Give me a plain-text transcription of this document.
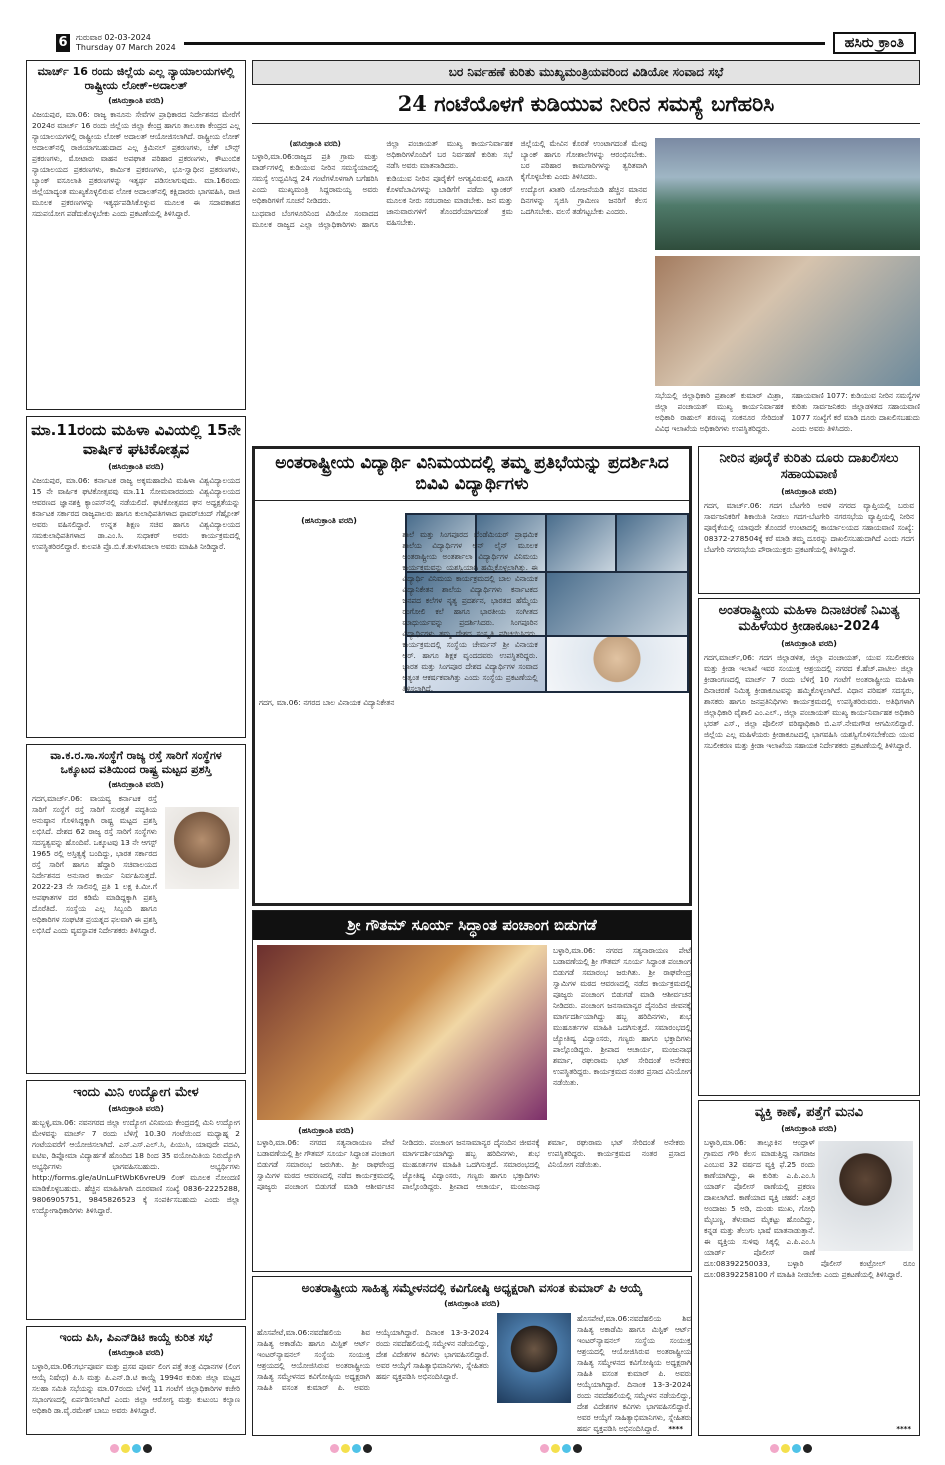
6	ಗುರುವಾರ 02-03-2024
Thursday 07 March 2024	ಹಸಿರು ಕ್ರಾಂತಿ
ಮಾರ್ಚ್ 16 ರಂದು ಜಿಲ್ಲೆಯ ಎಲ್ಲ ನ್ಯಾಯಾಲಯಗಳಲ್ಲಿ ರಾಷ್ಟ್ರೀಯ ಲೋಕ್-ಅದಾಲತ್
(ಹಸಿರುಕ್ರಾಂತಿ ವರದಿ)
ವಿಜಯಪುರ, ಮಾ.06: ರಾಜ್ಯ ಕಾನೂನು ಸೇವೆಗಳ ಪ್ರಾಧಿಕಾರದ ನಿರ್ದೇಶನದ ಮೇರೆಗೆ 2024ರ ಮಾರ್ಚ್ 16 ರಂದು ಜಿಲ್ಲೆಯ ಜಿಲ್ಲಾ ಕೇಂದ್ರ ಹಾಗೂ ತಾಲೂಕಾ ಕೇಂದ್ರದ ಎಲ್ಲ ನ್ಯಾಯಾಲಯಗಳಲ್ಲಿ ರಾಷ್ಟ್ರೀಯ ಲೋಕ್ ಅದಾಲತ್ ಆಯೋಜಿಸಲಾಗಿದೆ. ರಾಷ್ಟ್ರೀಯ ಲೋಕ್ ಅದಾಲತ್‌ನಲ್ಲಿ ರಾಜಿಯಾಗಬಹುದಾದ ಎಲ್ಲ ಕ್ರಿಮಿನಲ್ ಪ್ರಕರಣಗಳು, ಚೆಕ್ ಬೌನ್ಸ್ ಪ್ರಕರಣಗಳು, ಮೋಟಾರು ವಾಹನ ಅಪಘಾತ ಪರಿಹಾರ ಪ್ರಕರಣಗಳು, ಕೌಟುಂಬಿಕ ನ್ಯಾಯಾಲಯದ ಪ್ರಕರಣಗಳು, ಕಾರ್ಮಿಕ ಪ್ರಕರಣಗಳು, ಭೂ-ಸ್ವಾಧೀನ ಪ್ರಕರಣಗಳು, ಬ್ಯಾಂಕ್ ವಸೂಲಾತಿ ಪ್ರಕರಣಗಳನ್ನು ಇತ್ಯರ್ಥ ಪಡಿಸಲಾಗುವುದು. ಮಾ.16ರಂದು ಜಿಲ್ಲೆಯಾದ್ಯಂತ ಮುಖ್ಯಕೊಳ್ಳಲಿರುವ ಲೋಕ ಅದಾಲತ್‌ನಲ್ಲಿ ಕಕ್ಷಿದಾರರು ಭಾಗವಹಿಸಿ, ರಾಜಿ ಮೂಲಕ ಪ್ರಕರಣಗಳನ್ನು ಇತ್ಯರ್ಥಪಡಿಸಿಕೊಳ್ಳುವ ಮೂಲಕ ಈ ಸದಾವಕಾಶದ ಸದುಪಯೋಗ ಪಡೆದುಕೊಳ್ಳಬೇಕು ಎಂದು ಪ್ರಕಟಣೆಯಲ್ಲಿ ತಿಳಿಸಿದ್ದಾರೆ.
ಮಾ.11ರಂದು ಮಹಿಳಾ ವಿವಿಯಲ್ಲಿ 15ನೇ ವಾರ್ಷಿಕ ಘಟಿಕೋತ್ಸವ
(ಹಸಿರುಕ್ರಾಂತಿ ವರದಿ)
ವಿಜಯಪುರ, ಮಾ.06: ಕರ್ನಾಟಕ ರಾಜ್ಯ ಅಕ್ಕಮಹಾದೇವಿ ಮಹಿಳಾ ವಿಶ್ವವಿದ್ಯಾಲಯದ 15 ನೇ ವಾರ್ಷಿಕ ಘಟಿಕೋತ್ಸವವು ಮಾ.11 ಸೋಮವಾರದಂದು ವಿಶ್ವವಿದ್ಯಾಲಯದ ಆವರಣದ ಜ್ಞಾನಶಕ್ತಿ ಕ್ಯಾಂಪಸ್‌ನಲ್ಲಿ ನಡೆಯಲಿದೆ. ಘಟಿಕೋತ್ಸವದ ಘನ ಅಧ್ಯಕ್ಷತೆಯನ್ನು ಕರ್ನಾಟಕ ಸರ್ಕಾರದ ರಾಜ್ಯಪಾಲರು ಹಾಗೂ ಕುಲಾಧಿಪತಿಗಳಾದ ಥಾವರ್‌ಚಂದ್ ಗೆಹ್ಲೋತ್ ಅವರು ವಹಿಸಲಿದ್ದಾರೆ. ಉನ್ನತ ಶಿಕ್ಷಣ ಸಚಿವ ಹಾಗೂ ವಿಶ್ವವಿದ್ಯಾಲಯದ ಸಮಕುಲಾಧಿಪತಿಗಳಾದ ಡಾ.ಎಂ.ಸಿ. ಸುಧಾಕರ್ ಅವರು ಕಾರ್ಯಕ್ರಮದಲ್ಲಿ ಉಪಸ್ಥಿತರಿರಲಿದ್ದಾರೆ. ಕುಲಪತಿ ಪ್ರೊ.ಬಿ.ಕೆ.ತುಳಸಿಮಾಲಾ ಅವರು ಮಾಹಿತಿ ನೀಡಿದ್ದಾರೆ.
ವಾ.ಕ.ರ.ಸಾ.ಸಂಸ್ಥೆಗೆ ರಾಜ್ಯ ರಸ್ತೆ ಸಾರಿಗೆ ಸಂಸ್ಥೆಗಳ ಒಕ್ಕೂಟದ ವತಿಯಿಂದ ರಾಷ್ಟ್ರ ಮಟ್ಟದ ಪ್ರಶಸ್ತಿ
(ಹಸಿರುಕ್ರಾಂತಿ ವರದಿ)
ಗದಗ,ಮಾರ್ಚ್.06: ವಾಯವ್ಯ ಕರ್ನಾಟಕ ರಸ್ತೆ ಸಾರಿಗೆ ಸಂಸ್ಥೆಗೆ ರಸ್ತೆ ಸಾರಿಗೆ ಸುರಕ್ಷತೆ ಪದ್ಧತಿಯ ಅನುಷ್ಠಾನ ಗೊಳಿಸಿದ್ದಕ್ಕಾಗಿ ರಾಷ್ಟ್ರ ಮಟ್ಟದ ಪ್ರಶಸ್ತಿ ಲಭಿಸಿದೆ. ದೇಶದ 62 ರಾಜ್ಯ ರಸ್ತೆ ಸಾರಿಗೆ ಸಂಸ್ಥೆಗಳು ಸದಸ್ಯತ್ವವನ್ನು ಹೊಂದಿವೆ. ಒಕ್ಕೂಟವು 13 ನೇ ಆಗಸ್ಟ್ 1965 ರಲ್ಲಿ ಅಸ್ತಿತ್ವಕ್ಕೆ ಬಂದಿದ್ದು, ಭಾರತ ಸರ್ಕಾರದ ರಸ್ತೆ ಸಾರಿಗೆ ಹಾಗೂ ಹೆದ್ದಾರಿ ಸಚಿವಾಲಯದ ನಿರ್ದೇಶನದ ಅನುಸಾರ ಕಾರ್ಯ ನಿರ್ವಹಿಸುತ್ತದೆ. 2022-23 ನೇ ಸಾಲಿನಲ್ಲಿ ಪ್ರತಿ 1 ಲಕ್ಷ ಕಿ.ಮೀ.ಗೆ ಅಪಘಾತಗಳ ದರ ಕಡಿಮೆ ಮಾಡಿದ್ದಕ್ಕಾಗಿ ಪ್ರಶಸ್ತಿ ದೊರೆತಿದೆ. ಸಂಸ್ಥೆಯ ಎಲ್ಲ ಸಿಬ್ಬಂದಿ ಹಾಗೂ ಅಧಿಕಾರಿಗಳ ಸಂಘಟಿತ ಪ್ರಯತ್ನದ ಫಲವಾಗಿ ಈ ಪ್ರಶಸ್ತಿ ಲಭಿಸಿದೆ ಎಂದು ವ್ಯವಸ್ಥಾಪಕ ನಿರ್ದೇಶಕರು ತಿಳಿಸಿದ್ದಾರೆ.
ಇಂದು ಮಿನಿ ಉದ್ಯೋಗ ಮೇಳ
(ಹಸಿರುಕ್ರಾಂತಿ ವರದಿ)
ಹುಬ್ಬಳ್ಳಿ,ಮಾ.06: ನವನಗರದ ಜಿಲ್ಲಾ ಉದ್ಯೋಗ ವಿನಿಮಯ ಕೇಂದ್ರದಲ್ಲಿ ಮಿನಿ ಉದ್ಯೋಗ ಮೇಳವನ್ನು ಮಾರ್ಚ್ 7 ರಂದು ಬೆಳಿಗ್ಗೆ 10.30 ಗಂಟೆಯಿಂದ ಮಧ್ಯಾಹ್ನ 2 ಗಂಟೆಯವರೆಗೆ ಆಯೋಜಿಸಲಾಗಿದೆ. ಎಸ್.ಎಸ್.ಎಲ್.ಸಿ, ಪಿಯುಸಿ, ಯಾವುದೇ ಪದವಿ, ಐಟಿಐ, ಡಿಪ್ಲೋಮಾ ವಿದ್ಯಾರ್ಹತೆ ಹೊಂದಿದ 18 ರಿಂದ 35 ವಯೋಮಿತಿಯ ನಿರುದ್ಯೋಗಿ ಅಭ್ಯರ್ಥಿಗಳು ಭಾಗವಹಿಸಬಹುದು. ಅಭ್ಯರ್ಥಿಗಳು http://forms.gle/aUnLuFtWbK6vreU9 ಲಿಂಕ್ ಮೂಲಕ ನೋಂದಣಿ ಮಾಡಿಕೊಳ್ಳಬಹುದು. ಹೆಚ್ಚಿನ ಮಾಹಿತಿಗಾಗಿ ದೂರವಾಣಿ ಸಂಖ್ಯೆ 0836-2225288, 9806905751, 9845826523 ಕ್ಕೆ ಸಂಪರ್ಕಿಸಬಹುದು ಎಂದು ಜಿಲ್ಲಾ ಉದ್ಯೋಗಾಧಿಕಾರಿಗಳು ತಿಳಿಸಿದ್ದಾರೆ.
ಇಂದು ಪಿಸಿ, ಪಿಎನ್‌ಡಿಟಿ ಕಾಯ್ದೆ ಕುರಿತ ಸಭೆ
(ಹಸಿರುಕ್ರಾಂತಿ ವರದಿ)
ಬಳ್ಳಾರಿ,ಮಾ.06:ಗರ್ಭಪೂರ್ವ ಮತ್ತು ಪ್ರಸವ ಪೂರ್ವ ಲಿಂಗ ಪತ್ತೆ ತಂತ್ರ ವಿಧಾನಗಳ (ಲಿಂಗ ಆಯ್ಕೆ ನಿಷೇಧ) ಪಿ.ಸಿ ಮತ್ತು ಪಿ.ಎನ್.ಡಿ.ಟಿ ಕಾಯ್ದೆ 1994ರ ಕುರಿತು ಜಿಲ್ಲಾ ಮಟ್ಟದ ಸಲಹಾ ಸಮಿತಿ ಸಭೆಯನ್ನು ಮಾ.07ರಂದು ಬೆಳಿಗ್ಗೆ 11 ಗಂಟೆಗೆ ಜಿಲ್ಲಾಧಿಕಾರಿಗಳ ಕಚೇರಿ ಸಭಾಂಗಣದಲ್ಲಿ ಏರ್ಪಡಿಸಲಾಗಿದೆ ಎಂದು ಜಿಲ್ಲಾ ಆರೋಗ್ಯ ಮತ್ತು ಕುಟುಂಬ ಕಲ್ಯಾಣ ಅಧಿಕಾರಿ ಡಾ.ವೈ.ರಮೇಶ್ ಬಾಬು ಅವರು ತಿಳಿಸಿದ್ದಾರೆ.
ಬರ ನಿರ್ವಹಣೆ ಕುರಿತು ಮುಖ್ಯಮಂತ್ರಿಯವರಿಂದ ವಿಡಿಯೋ ಸಂವಾದ ಸಭೆ
24 ಗಂಟೆಯೊಳಗೆ ಕುಡಿಯುವ ನೀರಿನ ಸಮಸ್ಯೆ ಬಗೆಹರಿಸಿ

(ಹಸಿರುಕ್ರಾಂತಿ ವರದಿ)

ಬಳ್ಳಾರಿ,ಮಾ.06:ರಾಜ್ಯದ ಪ್ರತಿ ಗ್ರಾಮ ಮತ್ತು ವಾರ್ಡ್‌ಗಳಲ್ಲಿ ಕುಡಿಯುವ ನೀರಿನ ಸಮಸ್ಯೆಯಾದಲ್ಲಿ ಸಮಸ್ಯೆ ಉದ್ಭವಿಸಿದ್ದ 24 ಗಂಟೆಗಳೊಳಗಾಗಿ ಬಗೆಹರಿಸಿ ಎಂದು ಮುಖ್ಯಮಂತ್ರಿ ಸಿದ್ದರಾಮಯ್ಯ ಅವರು ಅಧಿಕಾರಿಗಳಿಗೆ ಸೂಚನೆ ನೀಡಿದರು.

ಬುಧವಾರ ಬೆಂಗಳೂರಿನಿಂದ ವಿಡಿಯೋ ಸಂವಾದದ ಮೂಲಕ ರಾಜ್ಯದ ಎಲ್ಲಾ ಜಿಲ್ಲಾಧಿಕಾರಿಗಳು ಹಾಗೂ ಜಿಲ್ಲಾ ಪಂಚಾಯತ್ ಮುಖ್ಯ ಕಾರ್ಯನಿರ್ವಾಹಕ ಅಧಿಕಾರಿಗಳೊಂದಿಗೆ ಬರ ನಿರ್ವಹಣೆ ಕುರಿತು ಸಭೆ ನಡೆಸಿ ಅವರು ಮಾತನಾಡಿದರು.

ಕುಡಿಯುವ ನೀರಿನ ಪೂರೈಕೆಗೆ ಅಗತ್ಯವಿರುವಲ್ಲಿ ಖಾಸಗಿ ಕೊಳವೆಬಾವಿಗಳನ್ನು ಬಾಡಿಗೆಗೆ ಪಡೆದು ಟ್ಯಾಂಕರ್ ಮೂಲಕ ನೀರು ಸರಬರಾಜು ಮಾಡಬೇಕು. ಜನ ಮತ್ತು ಜಾನುವಾರುಗಳಿಗೆ ತೊಂದರೆಯಾಗದಂತೆ ಕ್ರಮ ವಹಿಸಬೇಕು.

ಜಿಲ್ಲೆಯಲ್ಲಿ ಮೇವಿನ ಕೊರತೆ ಉಂಟಾಗದಂತೆ ಮೇವು ಬ್ಯಾಂಕ್ ಹಾಗೂ ಗೋಶಾಲೆಗಳನ್ನು ಆರಂಭಿಸಬೇಕು. ಬರ ಪರಿಹಾರ ಕಾಮಗಾರಿಗಳನ್ನು ತ್ವರಿತವಾಗಿ ಕೈಗೊಳ್ಳಬೇಕು ಎಂದು ತಿಳಿಸಿದರು.

ಉದ್ಯೋಗ ಖಾತರಿ ಯೋಜನೆಯಡಿ ಹೆಚ್ಚಿನ ಮಾನವ ದಿನಗಳನ್ನು ಸೃಜಿಸಿ ಗ್ರಾಮೀಣ ಜನರಿಗೆ ಕೆಲಸ ಒದಗಿಸಬೇಕು. ವಲಸೆ ತಡೆಗಟ್ಟಬೇಕು ಎಂದರು.

ಸಭೆಯಲ್ಲಿ ಜಿಲ್ಲಾಧಿಕಾರಿ ಪ್ರಶಾಂತ್ ಕುಮಾರ್ ಮಿಶ್ರಾ, ಜಿಲ್ಲಾ ಪಂಚಾಯತ್ ಮುಖ್ಯ ಕಾರ್ಯನಿರ್ವಾಹಕ ಅಧಿಕಾರಿ ರಾಹುಲ್ ಶರಣಪ್ಪ ಸಂಕನೂರ ಸೇರಿದಂತೆ ವಿವಿಧ ಇಲಾಖೆಯ ಅಧಿಕಾರಿಗಳು ಉಪಸ್ಥಿತರಿದ್ದರು.

ಸಹಾಯವಾಣಿ 1077: ಕುಡಿಯುವ ನೀರಿನ ಸಮಸ್ಯೆಗಳ ಕುರಿತು ಸಾರ್ವಜನಿಕರು ಜಿಲ್ಲಾಡಳಿತದ ಸಹಾಯವಾಣಿ 1077 ಸಂಖ್ಯೆಗೆ ಕರೆ ಮಾಡಿ ದೂರು ದಾಖಲಿಸಬಹುದು ಎಂದು ಅವರು ತಿಳಿಸಿದರು.

ಅಂತರಾಷ್ಟ್ರೀಯ ವಿದ್ಯಾರ್ಥಿ ವಿನಿಮಯದಲ್ಲಿ ತಮ್ಮ ಪ್ರತಿಭೆಯನ್ನು ಪ್ರದರ್ಶಿಸಿದ ಬಿವಿವಿ ವಿದ್ಯಾರ್ಥಿಗಳು
(ಹಸಿರುಕ್ರಾಂತಿ ವರದಿ)
ಗದಗ, ಮಾ.06: ನಗರದ ಬಾಲ ವಿನಾಯಕ ವಿದ್ಯಾನಿಕೇತನ ಶಾಲೆ ಮತ್ತು ಸಿಂಗಪೂರದ ಬೆಂಡೆಮಿಯರ್ ಪ್ರಾಥಮಿಕ ಶಾಲೆಯ ವಿದ್ಯಾರ್ಥಿಗಳ ಆನ್ ಲೈನ್ ಮೂಲಕ ಅಂತರಾಷ್ಟ್ರೀಯ ಅಂತರ್ಶಾಲಾ ವಿದ್ಯಾರ್ಥಿಗಳ ವಿನಿಮಯ ಕಾರ್ಯಕ್ರಮವನ್ನು ಯಶಸ್ವಿಯಾಗಿ ಹಮ್ಮಿಕೊಳ್ಳಲಾಗಿತ್ತು. ಈ ವಿದ್ಯಾರ್ಥಿ ವಿನಿಮಯ ಕಾರ್ಯಕ್ರಮದಲ್ಲಿ ಬಾಲ ವಿನಾಯಕ ವಿದ್ಯಾನಿಕೇತನ ಶಾಲೆಯ ವಿದ್ಯಾರ್ಥಿಗಳು ಕರ್ನಾಟಕದ ಜನಪದ ಕಲೆಗಳ ನೃತ್ಯ ಪ್ರದರ್ಶನ, ಭಾರತದ ಹೆಮ್ಮೆಯ ರಂಗೋಲಿ ಕಲೆ ಹಾಗೂ ಭಾರತೀಯ ಸಂಗೀತದ ಮಾಧುರ್ಯವನ್ನು ಪ್ರದರ್ಶಿಸಿದರು. ಸಿಂಗಪೂರಿನ ವಿದ್ಯಾರ್ಥಿಗಳು ತಮ್ಮ ದೇಶದ ಸಂಸ್ಕೃತಿ ಪರಿಚಯಿಸಿದರು. ಕಾರ್ಯಕ್ರಮದಲ್ಲಿ ಸಂಸ್ಥೆಯ ಚೇರ್ಮನ್ ಶ್ರೀ ವಿನಾಯಕ ಆರ್. ಹಾಗೂ ಶಿಕ್ಷಕ ವೃಂದದವರು ಉಪಸ್ಥಿತರಿದ್ದರು. ಭಾರತ ಮತ್ತು ಸಿಂಗಪೂರ ದೇಶದ ವಿದ್ಯಾರ್ಥಿಗಳ ಸಂವಾದ ಅತ್ಯಂತ ಆಕರ್ಷಕವಾಗಿತ್ತು ಎಂದು ಸಂಸ್ಥೆಯ ಪ್ರಕಟಣೆಯಲ್ಲಿ ತಿಳಿಸಲಾಗಿದೆ.
ನೀರಿನ ಪೂರೈಕೆ ಕುರಿತು ದೂರು ದಾಖಲಿಸಲು ಸಹಾಯವಾಣಿ
(ಹಸಿರುಕ್ರಾಂತಿ ವರದಿ)
ಗದಗ, ಮಾರ್ಚ್.06: ಗದಗ ಬೆಟಗೇರಿ ಅವಳಿ ನಗರದ ವ್ಯಾಪ್ತಿಯಲ್ಲಿ ಬರುವ ಸಾರ್ವಜನಿಕರಿಗೆ ಶಿಕಾಯಿತಿ ನೀಡಲು ಗದಗ-ಬೆಟಗೇರಿ ನಗರಸಭೆಯ ವ್ಯಾಪ್ತಿಯಲ್ಲಿ ನೀರಿನ ಪೂರೈಕೆಯಲ್ಲಿ ಯಾವುದೇ ತೊಂದರೆ ಉಂಟಾದಲ್ಲಿ ಕಾರ್ಯಾಲಯದ ಸಹಾಯವಾಣಿ ಸಂಖ್ಯೆ: 08372-278504ಕ್ಕೆ ಕರೆ ಮಾಡಿ ತಮ್ಮ ದೂರನ್ನು ದಾಖಲಿಸಬಹುದಾಗಿದೆ ಎಂದು ಗದಗ ಬೆಟಗೇರಿ ನಗರಸಭೆಯ ಪೌರಾಯುಕ್ತರು ಪ್ರಕಟಣೆಯಲ್ಲಿ ತಿಳಿಸಿದ್ದಾರೆ.
ಅಂತರಾಷ್ಟ್ರೀಯ ಮಹಿಳಾ ದಿನಾಚರಣೆ ನಿಮಿತ್ಯ ಮಹಿಳೆಯರ ಕ್ರೀಡಾಕೂಟ-2024
(ಹಸಿರುಕ್ರಾಂತಿ ವರದಿ)
ಗದಗ,ಮಾರ್ಚ್,06: ಗದಗ ಜಿಲ್ಲಾಡಳಿತ, ಜಿಲ್ಲಾ ಪಂಚಾಯತ್, ಯುವ ಸಬಲೀಕರಣ ಮತ್ತು ಕ್ರೀಡಾ ಇಲಾಖೆ ಇವರ ಸಂಯುಕ್ತ ಆಶ್ರಯದಲ್ಲಿ ನಗರದ ಕೆ.ಹೆಚ್.ಪಾಟೀಲ ಜಿಲ್ಲಾ ಕ್ರೀಡಾಂಗಣದಲ್ಲಿ ಮಾರ್ಚ್ 7 ರಂದು ಬೆಳಿಗ್ಗೆ 10 ಗಂಟೆಗೆ ಅಂತರಾಷ್ಟ್ರೀಯ ಮಹಿಳಾ ದಿನಾಚರಣೆ ನಿಮಿತ್ಯ ಕ್ರೀಡಾಕೂಟವನ್ನು ಹಮ್ಮಿಕೊಳ್ಳಲಾಗಿದೆ. ವಿಧಾನ ಪರಿಷತ್ ಸದಸ್ಯರು, ಶಾಸಕರು ಹಾಗೂ ಜನಪ್ರತಿನಿಧಿಗಳು ಕಾರ್ಯಕ್ರಮದಲ್ಲಿ ಉಪಸ್ಥಿತರಿರುವರು. ಅತಿಥಿಗಳಾಗಿ ಜಿಲ್ಲಾಧಿಕಾರಿ ವೈಶಾಲಿ ಎಂ.ಎಲ್., ಜಿಲ್ಲಾ ಪಂಚಾಯತ್ ಮುಖ್ಯ ಕಾರ್ಯನಿರ್ವಾಹಕ ಅಧಿಕಾರಿ ಭರತ್ ಎಸ್., ಜಿಲ್ಲಾ ಪೊಲೀಸ್ ವರಿಷ್ಠಾಧಿಕಾರಿ ಬಿ.ಎಸ್.ನೇಮಗೌಡ ಆಗಮಿಸಲಿದ್ದಾರೆ. ಜಿಲ್ಲೆಯ ಎಲ್ಲ ಮಹಿಳೆಯರು ಕ್ರೀಡಾಕೂಟದಲ್ಲಿ ಭಾಗವಹಿಸಿ ಯಶಸ್ವಿಗೊಳಿಸಬೇಕೆಂದು ಯುವ ಸಬಲೀಕರಣ ಮತ್ತು ಕ್ರೀಡಾ ಇಲಾಖೆಯ ಸಹಾಯಕ ನಿರ್ದೇಶಕರು ಪ್ರಕಟಣೆಯಲ್ಲಿ ತಿಳಿಸಿದ್ದಾರೆ.
ಶ್ರೀ ಗೌತಮ್ ಸೂರ್ಯ ಸಿದ್ಧಾಂತ ಪಂಚಾಂಗ ಬಿಡುಗಡೆ
ಬಳ್ಳಾರಿ,ಮಾ.06: ನಗರದ ಸತ್ಯನಾರಾಯಣ ಪೇಟೆ ಬಡಾವಣೆಯಲ್ಲಿ ಶ್ರೀ ಗೌತಮ್ ಸೂರ್ಯ ಸಿದ್ಧಾಂತ ಪಂಚಾಂಗ ಬಿಡುಗಡೆ ಸಮಾರಂಭ ಜರುಗಿತು. ಶ್ರೀ ರಾಘವೇಂದ್ರ ಸ್ವಾಮಿಗಳ ಮಠದ ಆವರಣದಲ್ಲಿ ನಡೆದ ಕಾರ್ಯಕ್ರಮದಲ್ಲಿ ಪೂಜ್ಯರು ಪಂಚಾಂಗ ಬಿಡುಗಡೆ ಮಾಡಿ ಆಶೀರ್ವಚನ ನೀಡಿದರು. ಪಂಚಾಂಗ ಜನಸಾಮಾನ್ಯರ ದೈನಂದಿನ ಜೀವನಕ್ಕೆ ಮಾರ್ಗದರ್ಶಿಯಾಗಿದ್ದು ಹಬ್ಬ ಹರಿದಿನಗಳು, ಶುಭ ಮುಹೂರ್ತಗಳ ಮಾಹಿತಿ ಒದಗಿಸುತ್ತದೆ. ಸಮಾರಂಭದಲ್ಲಿ ಜ್ಯೋತಿಷ್ಯ ವಿದ್ವಾಂಸರು, ಗಣ್ಯರು ಹಾಗೂ ಭಕ್ತಾದಿಗಳು ಪಾಲ್ಗೊಂಡಿದ್ದರು. ಶ್ರೀಪಾದ ಆಚಾರ್ಯ, ಮಂಜುನಾಥ ಶರ್ಮಾ, ರಘುರಾಮ ಭಟ್ ಸೇರಿದಂತೆ ಅನೇಕರು ಉಪಸ್ಥಿತರಿದ್ದರು. ಕಾರ್ಯಕ್ರಮದ ನಂತರ ಪ್ರಸಾದ ವಿನಿಯೋಗ ನಡೆಯಿತು.
(ಹಸಿರುಕ್ರಾಂತಿ ವರದಿ)
ಬಳ್ಳಾರಿ,ಮಾ.06: ನಗರದ ಸತ್ಯನಾರಾಯಣ ಪೇಟೆ ಬಡಾವಣೆಯಲ್ಲಿ ಶ್ರೀ ಗೌತಮ್ ಸೂರ್ಯ ಸಿದ್ಧಾಂತ ಪಂಚಾಂಗ ಬಿಡುಗಡೆ ಸಮಾರಂಭ ಜರುಗಿತು. ಶ್ರೀ ರಾಘವೇಂದ್ರ ಸ್ವಾಮಿಗಳ ಮಠದ ಆವರಣದಲ್ಲಿ ನಡೆದ ಕಾರ್ಯಕ್ರಮದಲ್ಲಿ ಪೂಜ್ಯರು ಪಂಚಾಂಗ ಬಿಡುಗಡೆ ಮಾಡಿ ಆಶೀರ್ವಚನ ನೀಡಿದರು. ಪಂಚಾಂಗ ಜನಸಾಮಾನ್ಯರ ದೈನಂದಿನ ಜೀವನಕ್ಕೆ ಮಾರ್ಗದರ್ಶಿಯಾಗಿದ್ದು ಹಬ್ಬ ಹರಿದಿನಗಳು, ಶುಭ ಮುಹೂರ್ತಗಳ ಮಾಹಿತಿ ಒದಗಿಸುತ್ತದೆ. ಸಮಾರಂಭದಲ್ಲಿ ಜ್ಯೋತಿಷ್ಯ ವಿದ್ವಾಂಸರು, ಗಣ್ಯರು ಹಾಗೂ ಭಕ್ತಾದಿಗಳು ಪಾಲ್ಗೊಂಡಿದ್ದರು. ಶ್ರೀಪಾದ ಆಚಾರ್ಯ, ಮಂಜುನಾಥ ಶರ್ಮಾ, ರಘುರಾಮ ಭಟ್ ಸೇರಿದಂತೆ ಅನೇಕರು ಉಪಸ್ಥಿತರಿದ್ದರು. ಕಾರ್ಯಕ್ರಮದ ನಂತರ ಪ್ರಸಾದ ವಿನಿಯೋಗ ನಡೆಯಿತು.
ಅಂತರಾಷ್ಟ್ರೀಯ ಸಾಹಿತ್ಯ ಸಮ್ಮೇಳನದಲ್ಲಿ ಕವಿಗೋಷ್ಠಿ ಅಧ್ಯಕ್ಷರಾಗಿ ವಸಂತ ಕುಮಾರ್ ಪಿ ಆಯ್ಕೆ
(ಹಸಿರುಕ್ರಾಂತಿ ವರದಿ)
ಹೊಸಪೇಟೆ,ಮಾ.06:ನವದೆಹಲಿಯ ಶಿವ ಸಾಹಿತ್ಯ ಅಕಾಡೆಮಿ ಹಾಗೂ ಮಿಸ್ಟಿಕ್ ಆರ್ಟ್ ಇಂಟರ್‌ನ್ಯಾಷನಲ್ ಸಂಸ್ಥೆಯ ಸಂಯುಕ್ತ ಆಶ್ರಯದಲ್ಲಿ ಆಯೋಜಿಸಿರುವ ಅಂತರಾಷ್ಟ್ರೀಯ ಸಾಹಿತ್ಯ ಸಮ್ಮೇಳನದ ಕವಿಗೋಷ್ಠಿಯ ಅಧ್ಯಕ್ಷರಾಗಿ ಸಾಹಿತಿ ವಸಂತ ಕುಮಾರ್ ಪಿ. ಅವರು ಆಯ್ಕೆಯಾಗಿದ್ದಾರೆ. ದಿನಾಂಕ 13-3-2024 ರಂದು ನವದೆಹಲಿಯಲ್ಲಿ ಸಮ್ಮೇಳನ ನಡೆಯಲಿದ್ದು, ದೇಶ ವಿದೇಶಗಳ ಕವಿಗಳು ಭಾಗವಹಿಸಲಿದ್ದಾರೆ. ಅವರ ಆಯ್ಕೆಗೆ ಸಾಹಿತ್ಯಾಭಿಮಾನಿಗಳು, ಸ್ನೇಹಿತರು ಹರ್ಷ ವ್ಯಕ್ತಪಡಿಸಿ ಅಭಿನಂದಿಸಿದ್ದಾರೆ.
ಹೊಸಪೇಟೆ,ಮಾ.06:ನವದೆಹಲಿಯ ಶಿವ ಸಾಹಿತ್ಯ ಅಕಾಡೆಮಿ ಹಾಗೂ ಮಿಸ್ಟಿಕ್ ಆರ್ಟ್ ಇಂಟರ್‌ನ್ಯಾಷನಲ್ ಸಂಸ್ಥೆಯ ಸಂಯುಕ್ತ ಆಶ್ರಯದಲ್ಲಿ ಆಯೋಜಿಸಿರುವ ಅಂತರಾಷ್ಟ್ರೀಯ ಸಾಹಿತ್ಯ ಸಮ್ಮೇಳನದ ಕವಿಗೋಷ್ಠಿಯ ಅಧ್ಯಕ್ಷರಾಗಿ ಸಾಹಿತಿ ವಸಂತ ಕುಮಾರ್ ಪಿ. ಅವರು ಆಯ್ಕೆಯಾಗಿದ್ದಾರೆ. ದಿನಾಂಕ 13-3-2024 ರಂದು ನವದೆಹಲಿಯಲ್ಲಿ ಸಮ್ಮೇಳನ ನಡೆಯಲಿದ್ದು, ದೇಶ ವಿದೇಶಗಳ ಕವಿಗಳು ಭಾಗವಹಿಸಲಿದ್ದಾರೆ. ಅವರ ಆಯ್ಕೆಗೆ ಸಾಹಿತ್ಯಾಭಿಮಾನಿಗಳು, ಸ್ನೇಹಿತರು ಹರ್ಷ ವ್ಯಕ್ತಪಡಿಸಿ ಅಭಿನಂದಿಸಿದ್ದಾರೆ.	****
ವ್ಯಕ್ತಿ ಕಾಣೆ, ಪತ್ತೆಗೆ ಮನವಿ
(ಹಸಿರುಕ್ರಾಂತಿ ವರದಿ)
ಬಳ್ಳಾರಿ,ಮಾ.06: ತಾಲ್ಲೂಕಿನ ಆಂಧ್ರಾಳ್ ಗ್ರಾಮದ ಗೌರಿ ಕೆಲಸ ಮಾಡುತ್ತಿದ್ದ ನಾಗರಾಜ ಎಂಬುವ 32 ವರ್ಷದ ವ್ಯಕ್ತಿ ಫೆ.25 ರಂದು ಕಾಣೆಯಾಗಿದ್ದು, ಈ ಕುರಿತು ಎ.ಪಿ.ಎಂ.ಸಿ ಯಾರ್ಡ್ ಪೊಲೀಸ್ ಠಾಣೆಯಲ್ಲಿ ಪ್ರಕರಣ ದಾಖಲಾಗಿದೆ. ಕಾಣೆಯಾದ ವ್ಯಕ್ತಿ ಚಹರೆ: ಎತ್ತರ ಅಂದಾಜು 5 ಅಡಿ, ದುಂಡು ಮುಖ, ಗೋಧಿ ಮೈಬಣ್ಣ, ತೆಳುವಾದ ಮೈಕಟ್ಟು ಹೊಂದಿದ್ದು, ಕನ್ನಡ ಮತ್ತು ತೆಲುಗು ಭಾಷೆ ಮಾತನಾಡುತ್ತಾನೆ. ಈ ವ್ಯಕ್ತಿಯ ಸುಳಿವು ಸಿಕ್ಕಲ್ಲಿ ಎ.ಪಿ.ಎಂ.ಸಿ ಯಾರ್ಡ್ ಪೊಲೀಸ್ ಠಾಣೆ ದೂ:08392250033, ಬಳ್ಳಾರಿ ಪೊಲೀಸ್ ಕಂಟ್ರೋಲ್ ರೂಂ ದೂ:08392258100 ಗೆ ಮಾಹಿತಿ ನೀಡಬೇಕು ಎಂದು ಪ್ರಕಟಣೆಯಲ್ಲಿ ತಿಳಿಸಿದ್ದಾರೆ.
****
